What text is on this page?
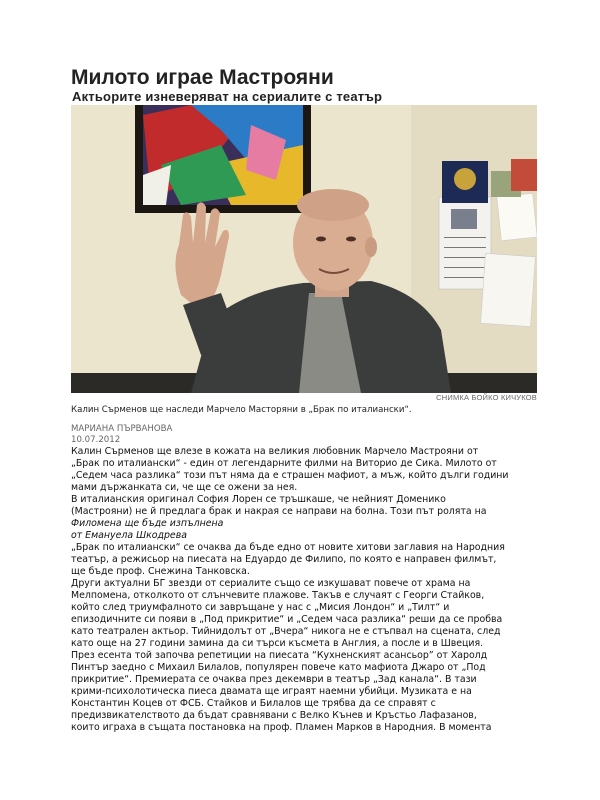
Милото играе Мастрояни
Актьорите изневеряват на сериалите с театър
СНИМКА БОЙКО КИЧУКОВ
Калин Сърменов ще наследи Марчело Масторяни в „Брак по италиански“.
МАРИАНА ПЪРВАНОВА
10.07.2012

Калин Сърменов ще влезе в кожата на великия любовник Марчело Мастрояни от

„Брак по италиански“ - един от легендарните филми на Виторио де Сика. Милото от

„Седем часа разлика“ този път няма да е страшен мафиот, а мъж, който дълги години

мами държанката си, че ще се ожени за нея.

В италианския оригинал София Лорен се тръшкаше, че нейният Доменико

(Мастрояни) не й предлага брак и накрая се направи на болна. Този път ролята на

Филомена ще бъде изпълнена

от Емануела Шкодрева

„Брак по италиански“ се очаква да бъде едно от новите хитови заглавия на Народния

театър, а режисьор на пиесата на Едуардо де Филипо, по която е направен филмът,

ще бъде проф. Снежина Танковска.

Други актуални БГ звезди от сериалите също се изкушават повече от храма на

Мелпомена, отколкото от слънчевите плажове. Такъв е случаят с Георги Стайков,

който след триумфалното си завръщане у нас с „Мисия Лондон“ и „Тилт“ и

епизодичните си появи в „Под прикритие“ и „Седем часа разлика“ реши да се пробва

като театрален актьор. Тийнидолът от „Вчера“ никога не е стъпвал на сцената, след

като още на 27 години замина да си търси късмета в Англия, а после и в Швеция.

През есента той започва репетиции на пиесата “Кухненският асансьор” от Харолд

Пинтър заедно с Михаил Билалов, популярен повече като мафиота Джаро от „Под

прикритие“. Премиерата се очаква през декември в театър „Зад канала“. В тази

крими-психолотическа пиеса двамата ще играят наемни убийци. Музиката е на

Константин Коцев от ФСБ. Стайков и Билалов ще трябва да се справят с

предизвикателството да бъдат сравнявани с Велко Кънев и Кръстьо Лафазанов,

които играха в същата постановка на проф. Пламен Марков в Народния. В момента
